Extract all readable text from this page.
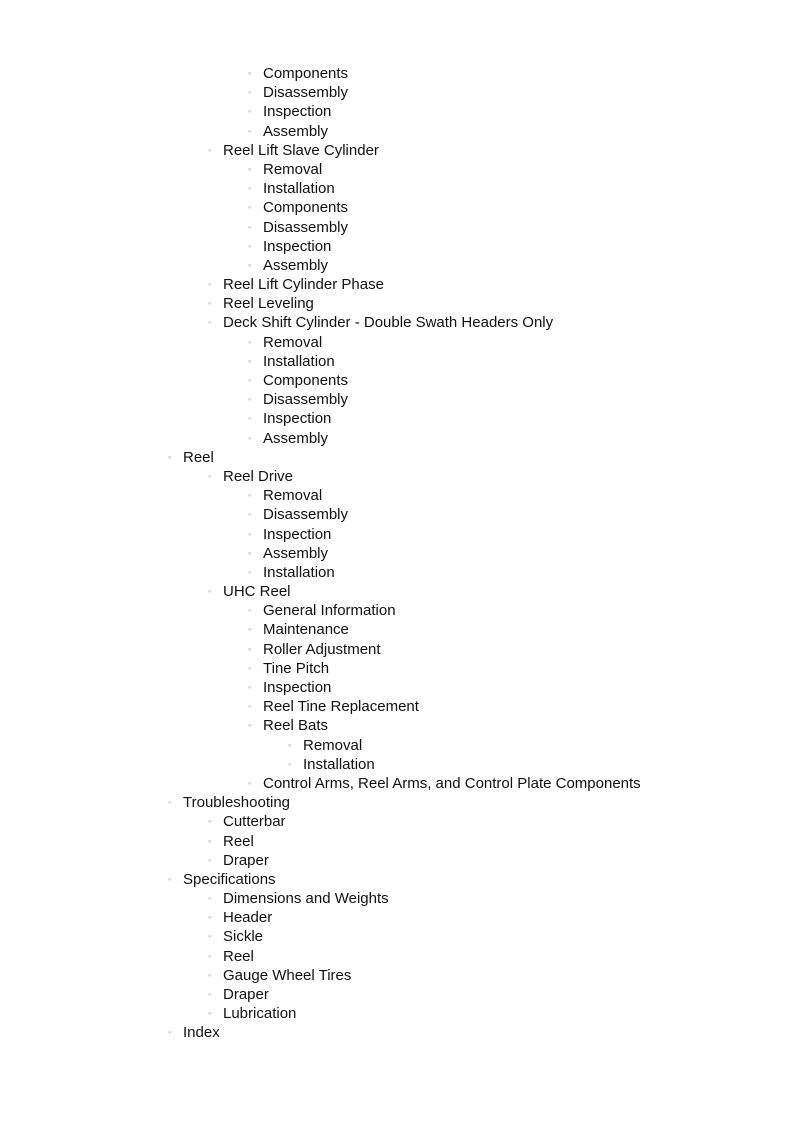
◦ Components
◦ Disassembly
◦ Inspection
◦ Assembly
◦ Reel Lift Slave Cylinder
◦ Removal
◦ Installation
◦ Components
◦ Disassembly
◦ Inspection
◦ Assembly
◦ Reel Lift Cylinder Phase
◦ Reel Leveling
◦ Deck Shift Cylinder - Double Swath Headers Only
◦ Removal
◦ Installation
◦ Components
◦ Disassembly
◦ Inspection
◦ Assembly
◦ Reel
◦ Reel Drive
◦ Removal
◦ Disassembly
◦ Inspection
◦ Assembly
◦ Installation
◦ UHC Reel
◦ General Information
◦ Maintenance
◦ Roller Adjustment
◦ Tine Pitch
◦ Inspection
◦ Reel Tine Replacement
◦ Reel Bats
◦ Removal
◦ Installation
◦ Control Arms, Reel Arms, and Control Plate Components
◦ Troubleshooting
◦ Cutterbar
◦ Reel
◦ Draper
◦ Specifications
◦ Dimensions and Weights
◦ Header
◦ Sickle
◦ Reel
◦ Gauge Wheel Tires
◦ Draper
◦ Lubrication
◦ Index
